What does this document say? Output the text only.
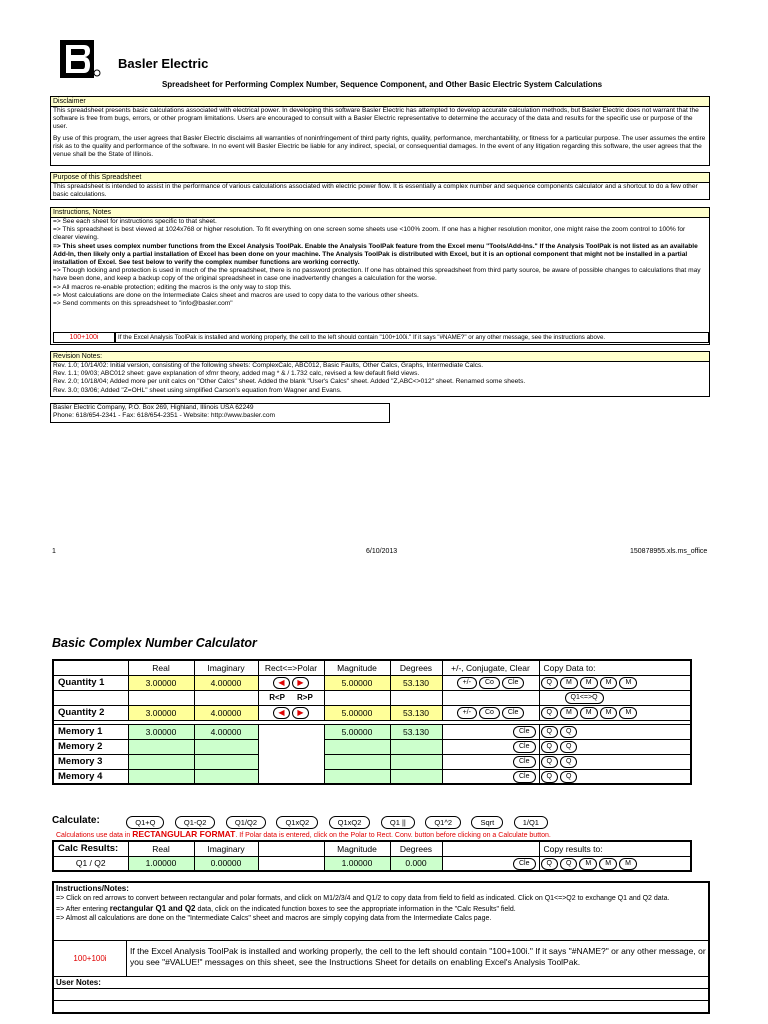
Basler Electric
Spreadsheet for Performing Complex Number, Sequence Component, and Other Basic Electric System Calculations
Disclaimer

This spreadsheet presents basic calculations associated with electrical power. In developing this software Basler Electric has attempted to develop accurate calculation methods, but Basler Electric does not warrant that the software is free from bugs, errors, or other program limitations. Users are encouraged to consult with a Basler Electric representative to determine the accuracy of the data and results for the specific use or purpose of the user.

By use of this program, the user agrees that Basler Electric disclaims all warranties of noninfringement of third party rights, quality, performance, merchantability, or fitness for a particular purpose. The user assumes the entire risk as to the quality and performance of the software. In no event will Basler Electric be liable for any indirect, special, or consequential damages. In the event of any litigation regarding this software, the user agrees that the venue shall be the State of Illinois.

Purpose of this Spreadsheet
This spreadsheet is intended to assist in the performance of various calculations associated with electric power flow. It is essentially a complex number and sequence components calculator and a shortcut to do a few other basic calculations.
Instructions, Notes

=> See each sheet for instructions specific to that sheet.

=> This spreadsheet is best viewed at 1024x768 or higher resolution. To fit everything on one screen some sheets use <100% zoom. If one has a higher resolution monitor, one might raise the zoom control to 100% for clearer viewing.

=> This sheet uses complex number functions from the Excel Analysis ToolPak. Enable the Analysis ToolPak feature from the Excel menu "Tools/Add-Ins." If the Analysis ToolPak is not listed as an available Add-In, then likely only a partial installation of Excel has been done on your machine. The Analysis ToolPak is distributed with Excel, but it is an optional component that might not be installed in a partial installation of Excel. See test below to verify the complex number functions are working correctly.

=> Though locking and protection is used in much of the the spreadsheet, there is no password protection. If one has obtained this spreadsheet from third party source, be aware of possible changes to calculations that may have been done, and keep a backup copy of the original spreadsheet in case one inadvertently changes a calculation for the worse.

=> All macros re-enable protection; editing the macros is the only way to stop this.

=> Most calculations are done on the Intermediate Calcs sheet and macros are used to copy data to the various other sheets.

=> Send comments on this spreadsheet to "info@basler.com"

100+100i	If the Excel Analysis ToolPak is installed and working properly, the cell to the left should contain "100+100i." If it says "#NAME?" or any other message, see the instructions above.
Revision Notes:

Rev. 1.0; 10/14/02: Initial version, consisting of the following sheets: ComplexCalc, ABC012, Basic Faults, Other Calcs, Graphs, Intermediate Calcs.

Rev. 1.1; 09/03; ABC012 sheet: gave explanation of xfmr theory, added mag * & / 1.732 calc, revised a few default field views.

Rev. 2.0; 10/18/04; Added more per unit calcs on "Other Calcs" sheet. Added the blank "User's Calcs" sheet. Added "Z,ABC<>012" sheet. Renamed some sheets.

Rev. 3.0; 03/06; Added "Z=OHL" sheet using simplified Carson's equation from Wagner and Evans.

Basler Electric Company, P.O. Box 269, Highland, Illinois USA 62249

Phone: 618/654-2341 - Fax: 618/654-2351 - Website: http://www.basler.com

1	6/10/2013	150878955.xls.ms_office
Basic Complex Number Calculator
	Real	Imaginary	Rect<=>Polar	Magnitude	Degrees	+/-, Conjugate, Clear	Copy Data to:
Quantity 1	3.00000	4.00000	◀ ▶	5.00000	53.130	+/- Co Cle	Q M M M M
			R<P R>P				Q1<=>Q
Quantity 2	3.00000	4.00000	◀ ▶	5.00000	53.130	+/- Co Cle	Q M M M M

Memory 1	3.00000	4.00000		5.00000	53.130	Cle	Q Q
Memory 2						Cle	Q Q
Memory 3						Cle	Q Q
Memory 4						Cle	Q Q
Calculate:	Q1+Q	Q1-Q2	Q1/Q2	Q1xQ2	Q1xQ2	Q1 ||	Q1^2	Sqrt	1/Q1
Calculations use data in RECTANGULAR FORMAT. If Polar data is entered, click on the Polar to Rect. Conv. button before clicking on a Calculate button.
Calc Results:	Real	Imaginary		Magnitude	Degrees		Copy results to:
Q1 / Q2	1.00000	0.00000		1.00000	0.000	Cle	Q Q M M M
Instructions/Notes:

=> Click on red arrows to convert between rectangular and polar formats, and click on M1/2/3/4 and Q1/2 to copy data from field to field as indicated. Click on Q1<=>Q2 to exchange Q1 and Q2 data.

=> After entering rectangular Q1 and Q2 data, click on the indicated function boxes to see the appropriate information in the "Calc Results" field.

=> Almost all calculations are done on the "Intermediate Calcs" sheet and macros are simply copying data from the Intermediate Calcs page.

100+100i
If the Excel Analysis ToolPak is installed and working properly, the cell to the left should contain "100+100i." If it says "#NAME?" or any other message, or you see "#VALUE!" messages on this sheet, see the Instructions Sheet for details on enabling Excel's Analysis ToolPak.
User Notes:
